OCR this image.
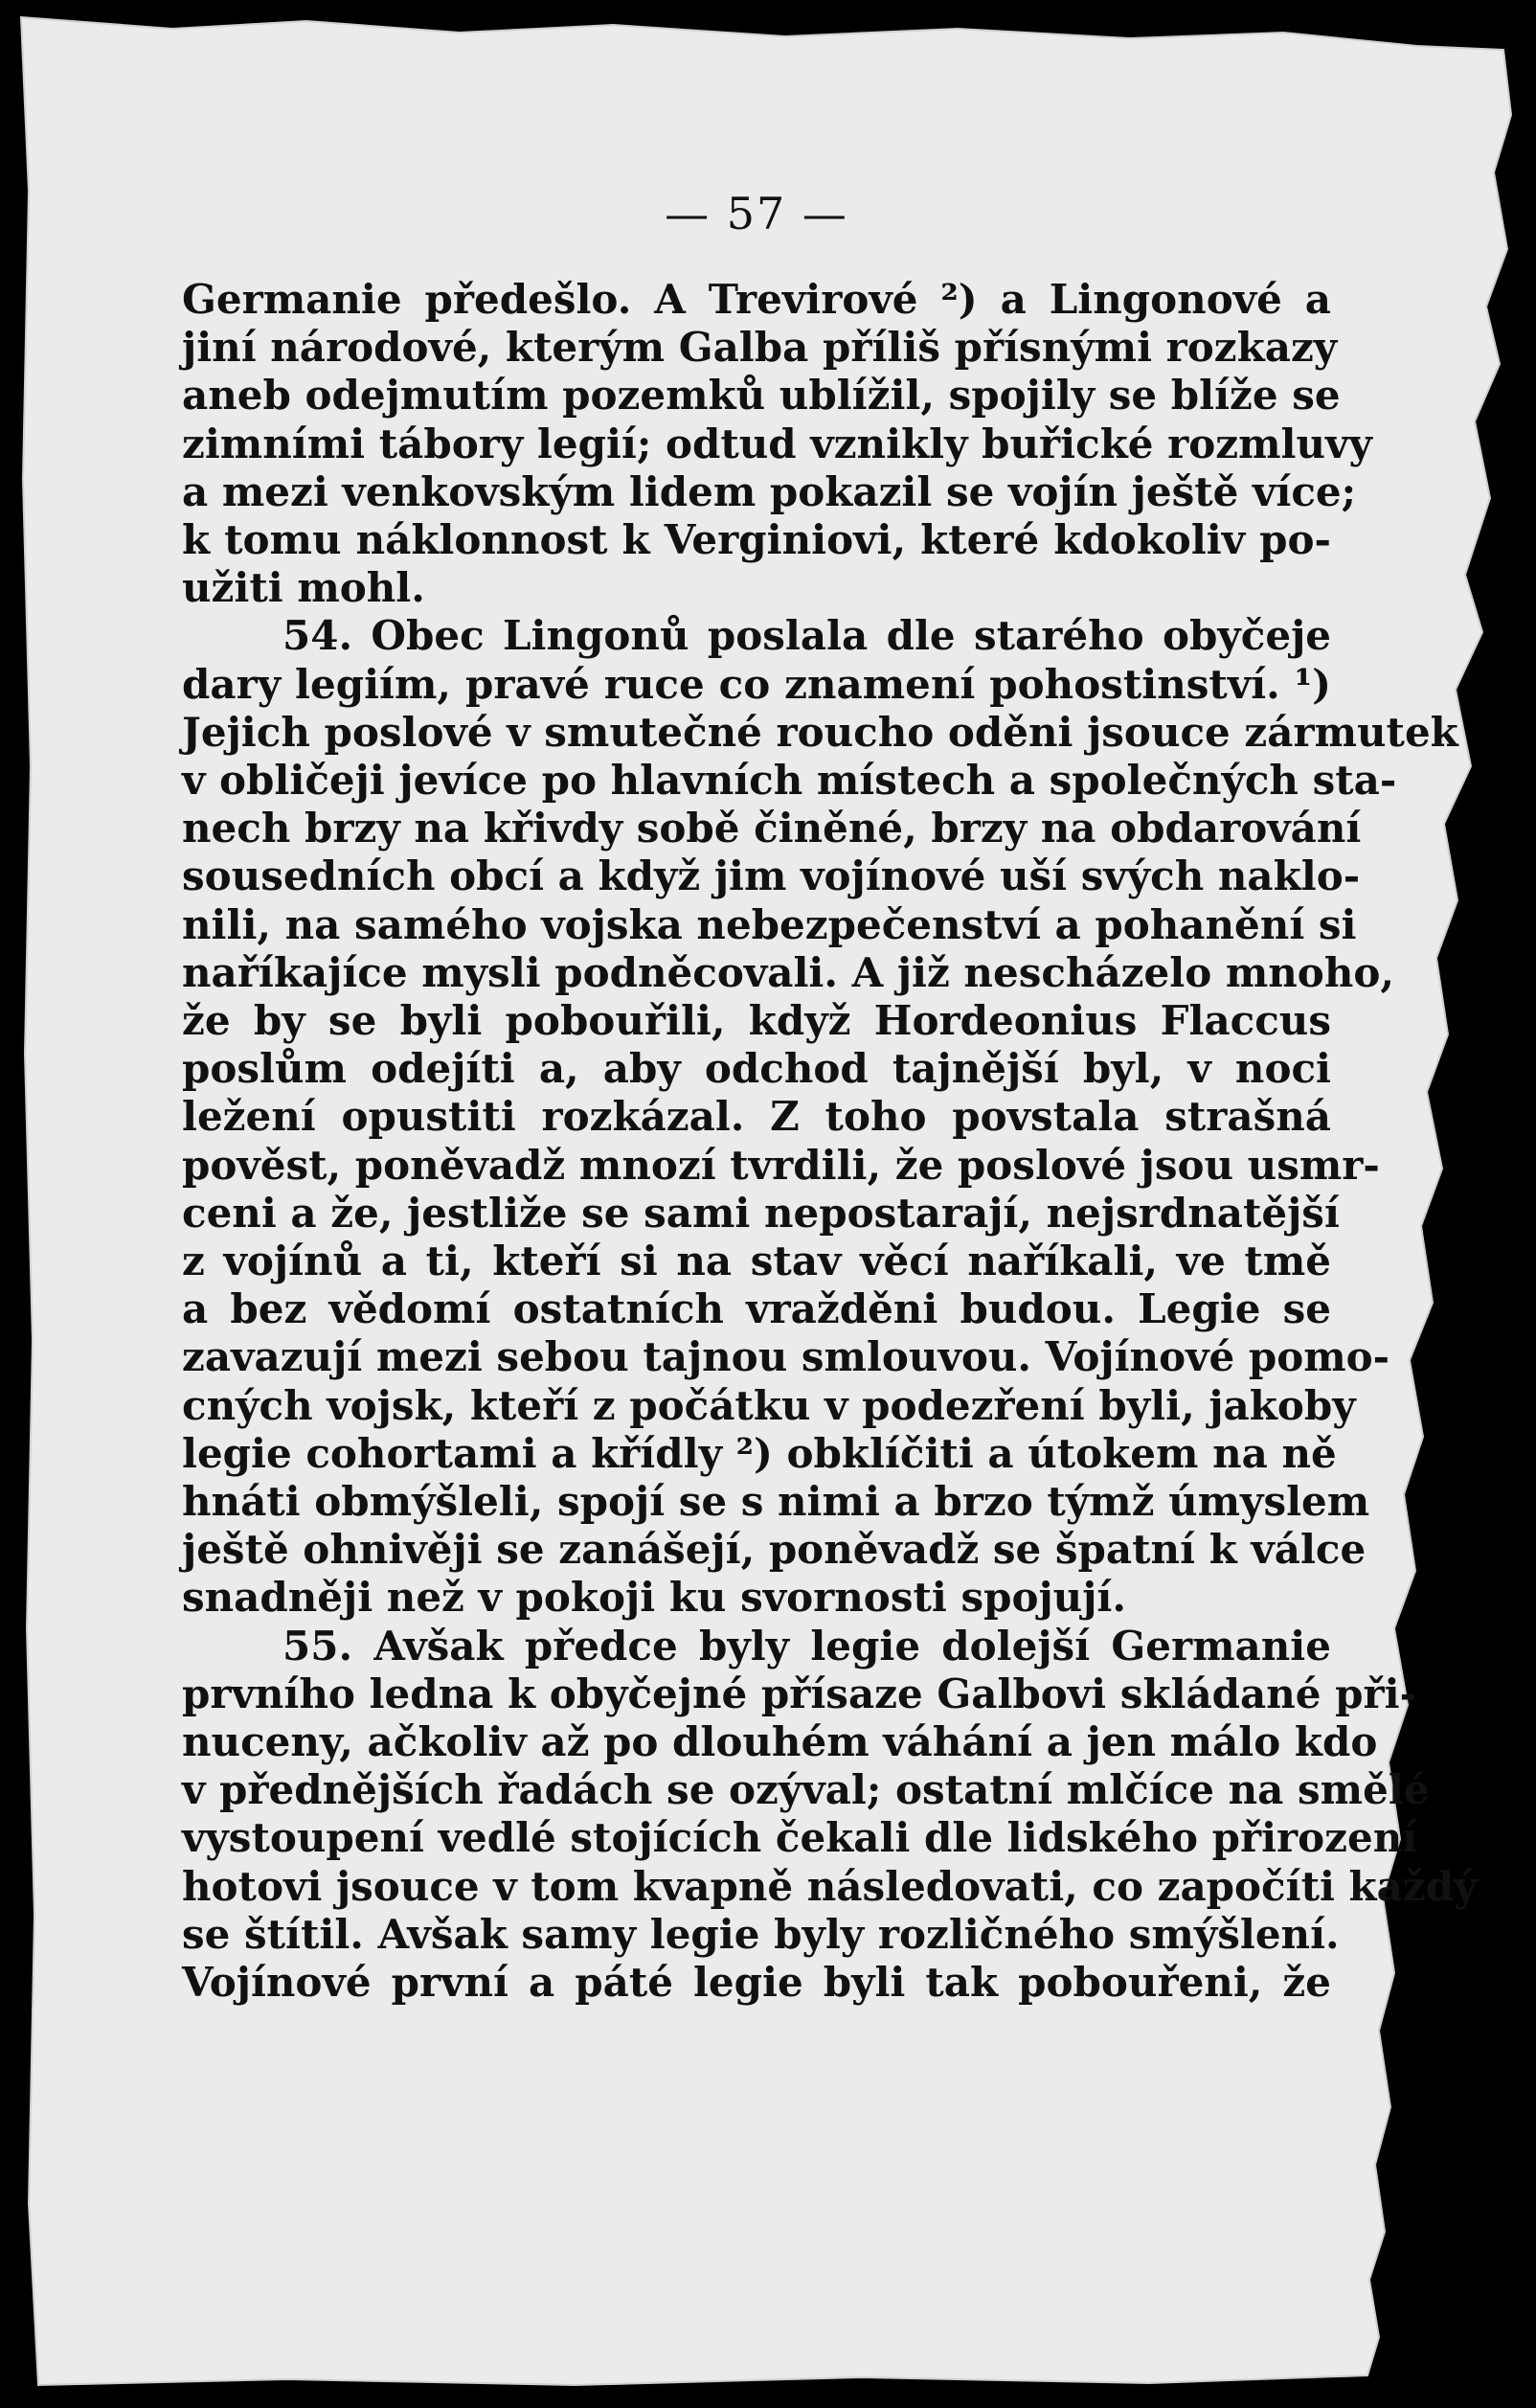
— 57 —
Germanie předešlo. A Trevirové ²) a Lingonové a
jiní národové, kterým Galba příliš přísnými rozkazy
aneb odejmutím pozemků ublížil, spojily se blíže se
zimními tábory legií; odtud vznikly buřické rozmluvy
a mezi venkovským lidem pokazil se vojín ještě více;
k tomu náklonnost k Verginiovi, které kdokoliv po-
užiti mohl.
54. Obec Lingonů poslala dle starého obyčeje
dary legiím, pravé ruce co znamení pohostinství. ¹)
Jejich poslové v smutečné roucho oděni jsouce zármutek
v obličeji jevíce po hlavních místech a společných sta-
nech brzy na křivdy sobě činěné, brzy na obdarování
sousedních obcí a když jim vojínové uší svých naklo-
nili, na samého vojska nebezpečenství a pohanění si
naříkajíce mysli podněcovali. A již nescházelo mnoho,
že by se byli pobouřili, když Hordeonius Flaccus
poslům odejíti a, aby odchod tajnější byl, v noci
ležení opustiti rozkázal. Z toho povstala strašná
pověst, poněvadž mnozí tvrdili, že poslové jsou usmr-
ceni a že, jestliže se sami nepostarají, nejsrdnatější
z vojínů a ti, kteří si na stav věcí naříkali, ve tmě
a bez vědomí ostatních vražděni budou. Legie se
zavazují mezi sebou tajnou smlouvou. Vojínové pomo-
cných vojsk, kteří z počátku v podezření byli, jakoby
legie cohortami a křídly ²) obklíčiti a útokem na ně
hnáti obmýšleli, spojí se s nimi a brzo týmž úmyslem
ještě ohnivěji se zanášejí, poněvadž se špatní k válce
snadněji než v pokoji ku svornosti spojují.
55. Avšak předce byly legie dolejší Germanie
prvního ledna k obyčejné přísaze Galbovi skládané při-
nuceny, ačkoliv až po dlouhém váhání a jen málo kdo
v přednějších řadách se ozýval; ostatní mlčíce na smělé
vystoupení vedlé stojících čekali dle lidského přirození
hotovi jsouce v tom kvapně následovati, co započíti každý
se štítil. Avšak samy legie byly rozličného smýšlení.
Vojínové první a páté legie byli tak pobouřeni, že
